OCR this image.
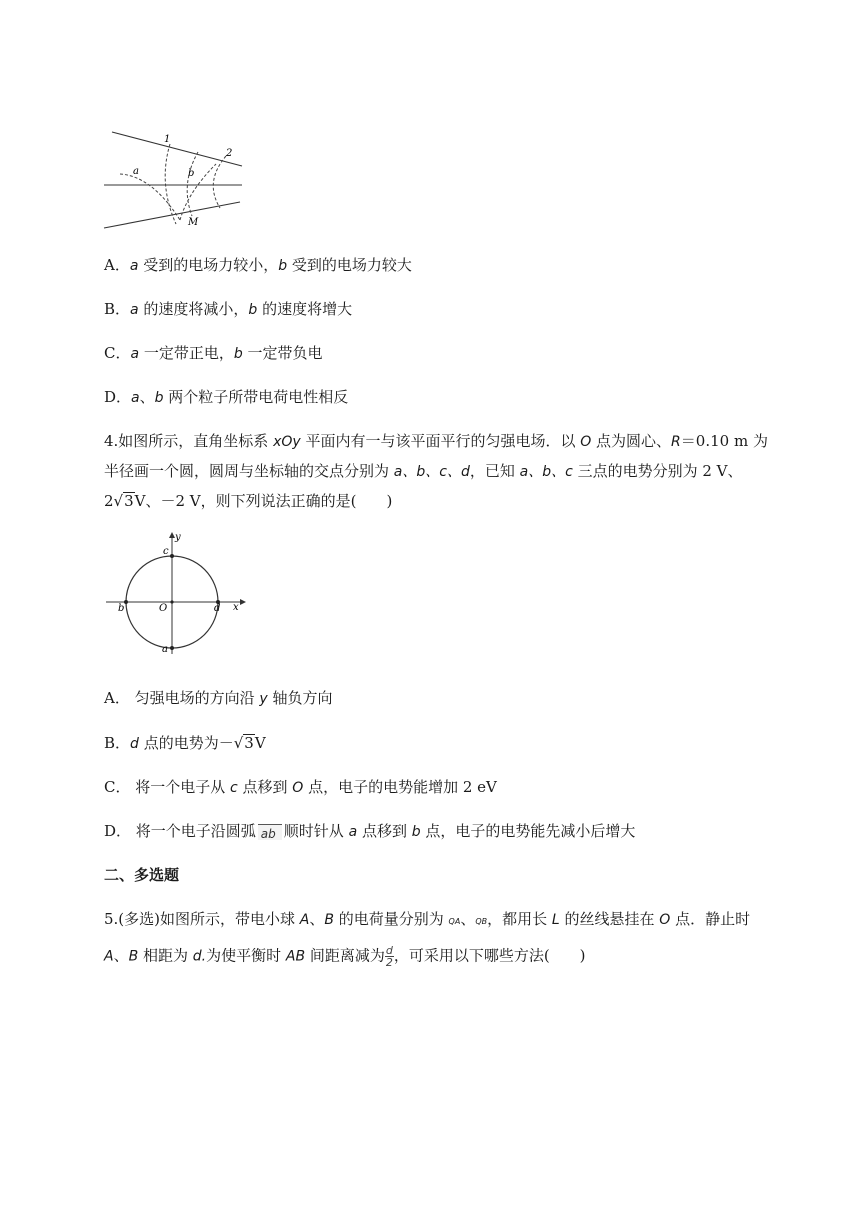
1
2
a	b
M
A．a 受到的电场力较小，b 受到的电场力较大
B．a 的速度将减小，b 的速度将增大
C．a 一定带正电，b 一定带负电
D．a、b 两个粒子所带电荷电性相反
4.如图所示，直角坐标系 xOy 平面内有一与该平面平行的匀强电场．以 O 点为圆心、R＝0.10 m 为
半径画一个圆，圆周与坐标轴的交点分别为 a、b、c、d，已知 a、b、c 三点的电势分别为 2 V、
2√3V、－2 V，则下列说法正确的是(　　)
y
x
c
b	O	d
a
A． 匀强电场的方向沿 y 轴负方向
B．d 点的电势为－√3V
C． 将一个电子从 c 点移到 O 点，电子的电势能增加 2 eV
D． 将一个电子沿圆弧 ab 顺时针从 a 点移到 b 点，电子的电势能先减小后增大
二、多选题
5.(多选)如图所示，带电小球 A、B 的电荷量分别为 QA、QB，都用长 L 的丝线悬挂在 O 点．静止时
A、B 相距为 d.为使平衡时 AB 间距离减为 $\frac{d}{2}$ ，可采用以下哪些方法(　　)
